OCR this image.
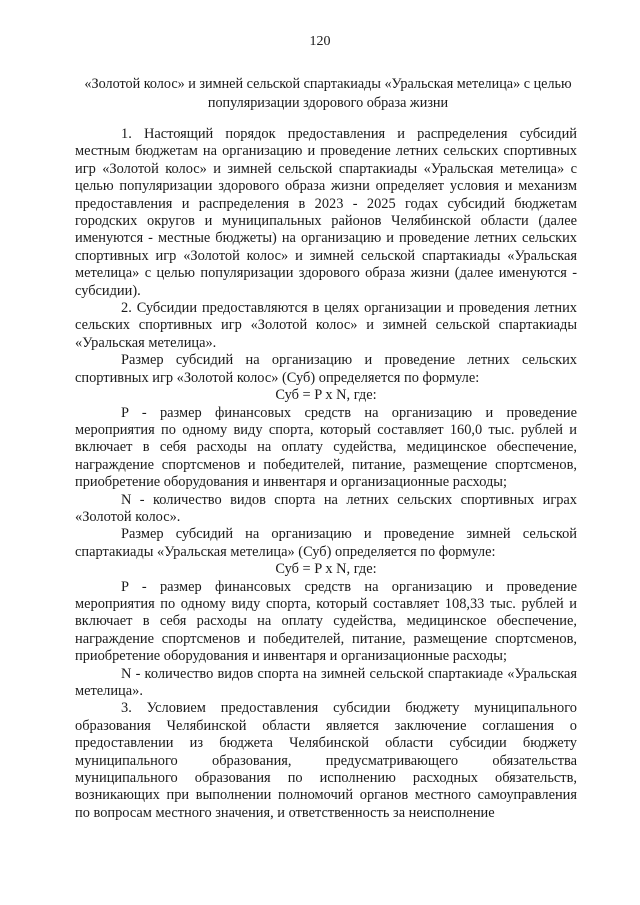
120
«Золотой колос» и зимней сельской спартакиады «Уральская метелица» с целью популяризации здорового образа жизни

1. Настоящий порядок предоставления и распределения субсидий местным бюджетам на организацию и проведение летних сельских спортивных игр «Золотой колос» и зимней сельской спартакиады «Уральская метелица» с целью популяризации здорового образа жизни определяет условия и механизм предоставления и распределения в 2023 - 2025 годах субсидий бюджетам городских округов и муниципальных районов Челябинской области (далее именуются - местные бюджеты) на организацию и проведение летних сельских спортивных игр «Золотой колос» и зимней сельской спартакиады «Уральская метелица» с целью популяризации здорового образа жизни (далее именуются - субсидии).

2. Субсидии предоставляются в целях организации и проведения летних сельских спортивных игр «Золотой колос» и зимней сельской спартакиады «Уральская метелица».

Размер субсидий на организацию и проведение летних сельских спортивных игр «Золотой колос» (Суб) определяется по формуле:

Суб = P x N, где:

P - размер финансовых средств на организацию и проведение мероприятия по одному виду спорта, который составляет 160,0 тыс. рублей и включает в себя расходы на оплату судейства, медицинское обеспечение, награждение спортсменов и победителей, питание, размещение спортсменов, приобретение оборудования и инвентаря и организационные расходы;

N - количество видов спорта на летних сельских спортивных играх «Золотой колос».

Размер субсидий на организацию и проведение зимней сельской спартакиады «Уральская метелица» (Суб) определяется по формуле:

Суб = P x N, где:

P - размер финансовых средств на организацию и проведение мероприятия по одному виду спорта, который составляет 108,33 тыс. рублей и включает в себя расходы на оплату судейства, медицинское обеспечение, награждение спортсменов и победителей, питание, размещение спортсменов, приобретение оборудования и инвентаря и организационные расходы;

N - количество видов спорта на зимней сельской спартакиаде «Уральская метелица».

3. Условием предоставления субсидии бюджету муниципального образования Челябинской области является заключение соглашения о предоставлении из бюджета Челябинской области субсидии бюджету муниципального образования, предусматривающего обязательства муниципального образования по исполнению расходных обязательств, возникающих при выполнении полномочий органов местного самоуправления по вопросам местного значения, и ответственность за неисполнение
